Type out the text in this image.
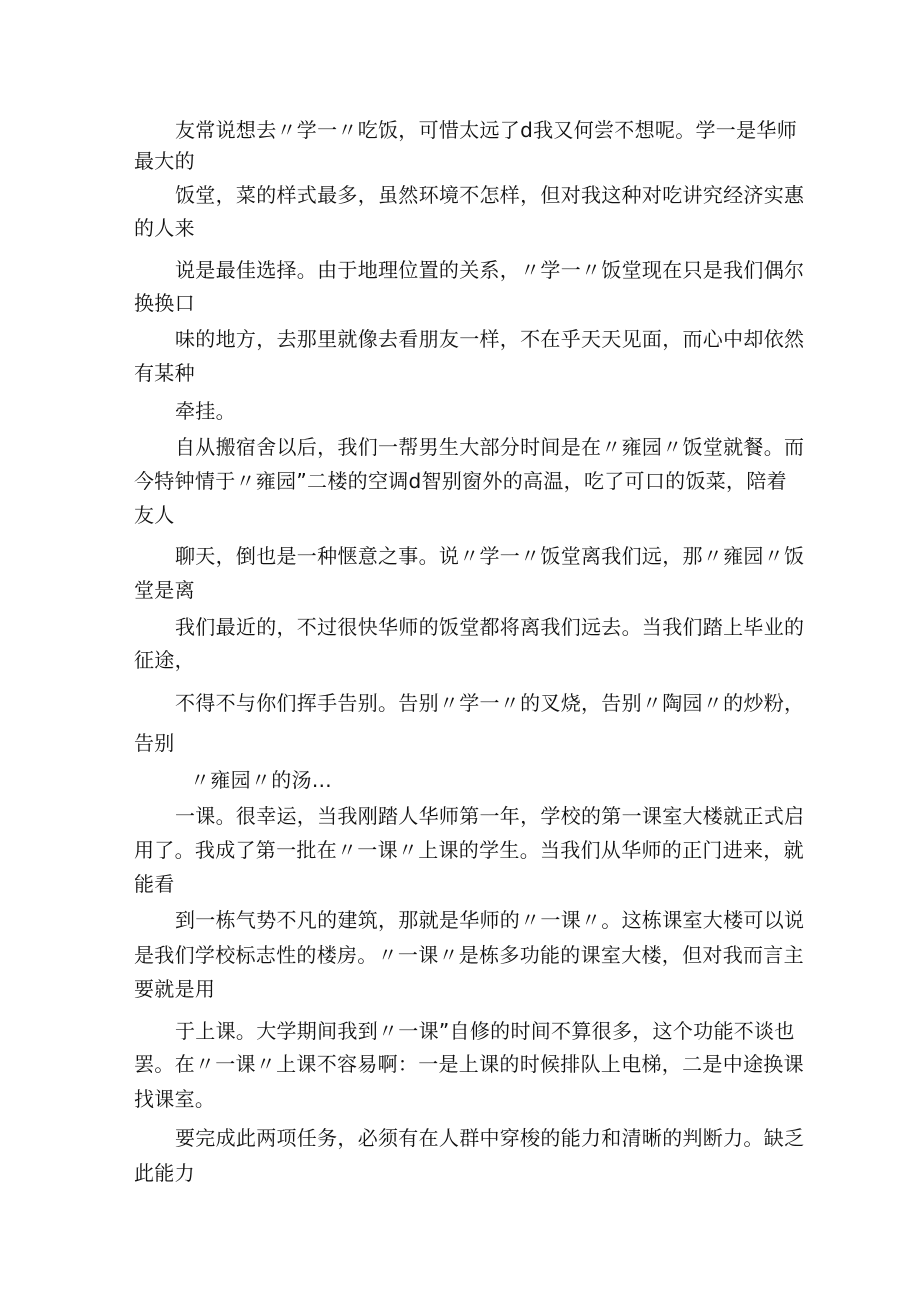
友常说想去〃学一〃吃饭，可惜太远了d我又何尝不想呢。学一是华师
最大的
饭堂，菜的样式最多，虽然环境不怎样，但对我这种对吃讲究经济实惠
的人来
说是最佳选择。由于地理位置的关系，〃学一〃饭堂现在只是我们偶尔
换换口
味的地方，去那里就像去看朋友一样，不在乎天天见面，而心中却依然
有某种
牵挂。
自从搬宿舍以后，我们一帮男生大部分时间是在〃雍园〃饭堂就餐。而
今特钟情于〃雍园”二楼的空调d智别窗外的高温，吃了可口的饭菜，陪着
友人
聊天，倒也是一种惬意之事。说〃学一〃饭堂离我们远，那〃雍园〃饭
堂是离
我们最近的，不过很快华师的饭堂都将离我们远去。当我们踏上毕业的
征途，
不得不与你们挥手告别。告别〃学一〃的叉烧，告别〃陶园〃的炒粉，
告别
〃雍园〃的汤…
一课。很幸运，当我刚踏人华师第一年，学校的第一课室大楼就正式启
用了。我成了第一批在〃一课〃上课的学生。当我们从华师的正门进来，就
能看
到一栋气势不凡的建筑，那就是华师的〃一课〃。这栋课室大楼可以说
是我们学校标志性的楼房。〃一课〃是栋多功能的课室大楼，但对我而言主
要就是用
于上课。大学期间我到〃一课”自修的时间不算很多，这个功能不谈也
罢。在〃一课〃上课不容易啊：一是上课的时候排队上电梯，二是中途换课
找课室。
要完成此两项任务，必须有在人群中穿梭的能力和清晰的判断力。缺乏
此能力
